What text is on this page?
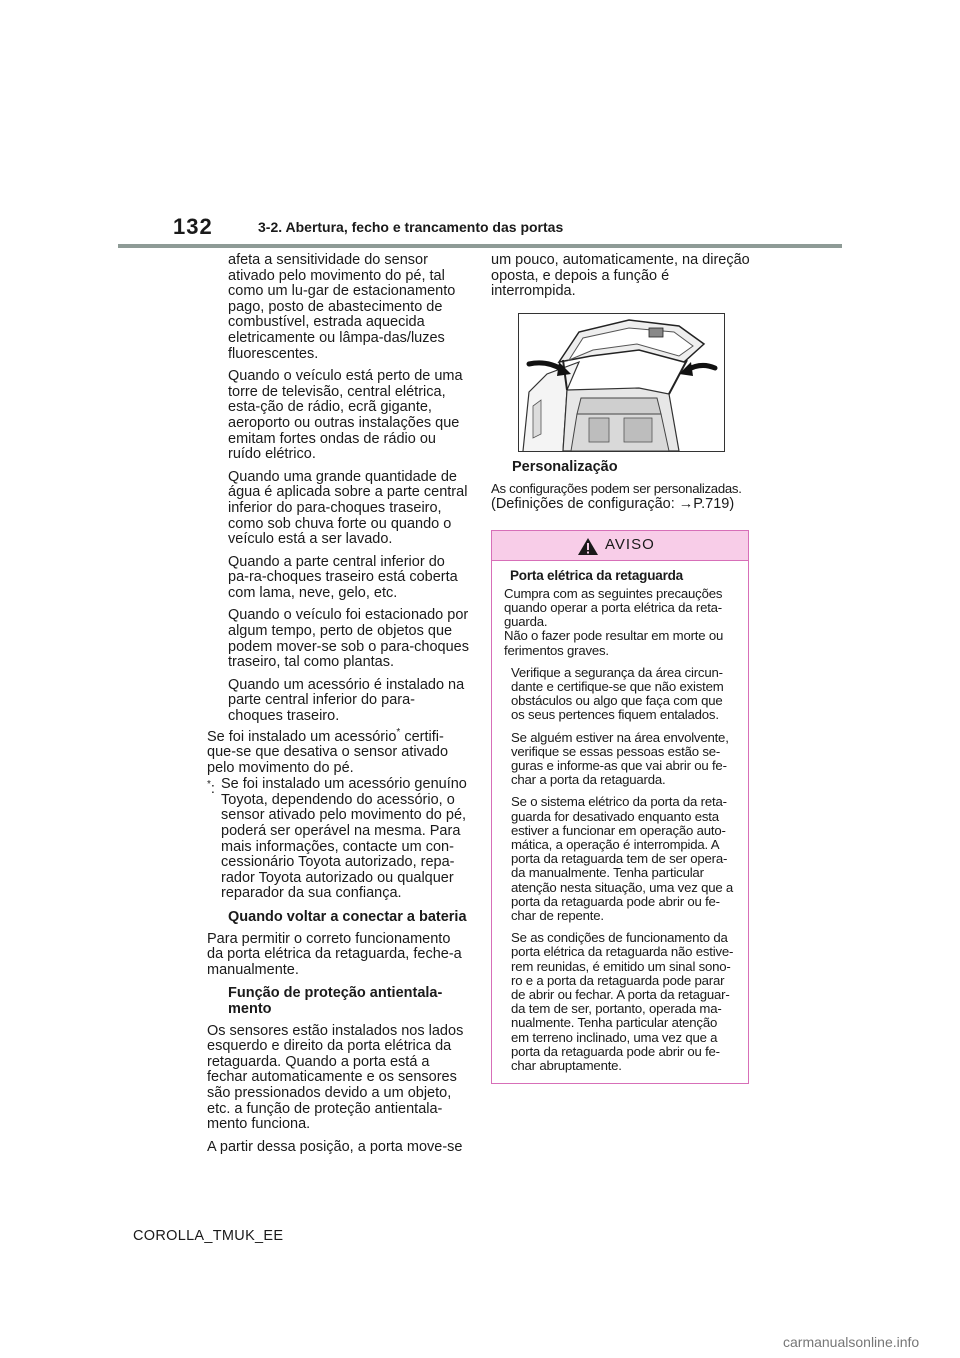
132	3-2. Abertura, fecho e trancamento das portas

afeta a sensitividade do sensor ativado pelo movimento do pé, tal como um lu-gar de estacionamento pago, posto de abastecimento de combustível, estrada aquecida eletricamente ou lâmpa-das/luzes fluorescentes.

Quando o veículo está perto de uma torre de televisão, central elétrica, esta-ção de rádio, ecrã gigante, aeroporto ou outras instalações que emitam fortes ondas de rádio ou ruído elétrico.

Quando uma grande quantidade de água é aplicada sobre a parte central inferior do para-choques traseiro, como sob chuva forte ou quando o veículo está a ser lavado.

Quando a parte central inferior do pa-ra-choques traseiro está coberta com lama, neve, gelo, etc.

Quando o veículo foi estacionado por algum tempo, perto de objetos que podem mover-se sob o para-choques traseiro, tal como plantas.

Quando um acessório é instalado na parte central inferior do para-choques traseiro.

Se foi instalado um acessório* certifi-que-se que desativa o sensor ativado pelo movimento do pé.

*: Se foi instalado um acessório genuíno Toyota, dependendo do acessório, o sensor ativado pelo movimento do pé, poderá ser operável na mesma. Para mais informações, contacte um con-cessionário Toyota autorizado, repa-rador Toyota autorizado ou qualquer reparador da sua confiança.

Quando voltar a conectar a bateria

Para permitir o correto funcionamento da porta elétrica da retaguarda, feche-a manualmente.

Função de proteção antientala-mento

Os sensores estão instalados nos lados esquerdo e direito da porta elétrica da retaguarda. Quando a porta está a fechar automaticamente e os sensores são pressionados devido a um objeto, etc. a função de proteção antientala-mento funciona.

A partir dessa posição, a porta move-se

um pouco, automaticamente, na direção oposta, e depois a função é interrompida.

Personalização

As configurações podem ser personalizadas.

(Definições de configuração: →P.719)

AVISO

Porta elétrica da retaguarda

Cumpra com as seguintes precauções quando operar a porta elétrica da reta-guarda.

Não o fazer pode resultar em morte ou ferimentos graves.

Verifique a segurança da área circun-dante e certifique-se que não existem obstáculos ou algo que faça com que os seus pertences fiquem entalados.

Se alguém estiver na área envolvente, verifique se essas pessoas estão se-guras e informe-as que vai abrir ou fe-char a porta da retaguarda.

Se o sistema elétrico da porta da reta-guarda for desativado enquanto esta estiver a funcionar em operação auto-mática, a operação é interrompida. A porta da retaguarda tem de ser opera-da manualmente. Tenha particular atenção nesta situação, uma vez que a porta da retaguarda pode abrir ou fe-char de repente.

Se as condições de funcionamento da porta elétrica da retaguarda não estive-rem reunidas, é emitido um sinal sono-ro e a porta da retaguarda pode parar de abrir ou fechar. A porta da retaguar-da tem de ser, portanto, operada ma-nualmente. Tenha particular atenção em terreno inclinado, uma vez que a porta da retaguarda pode abrir ou fe-char abruptamente.

COROLLA_TMUK_EE
carmanualsonline.info
